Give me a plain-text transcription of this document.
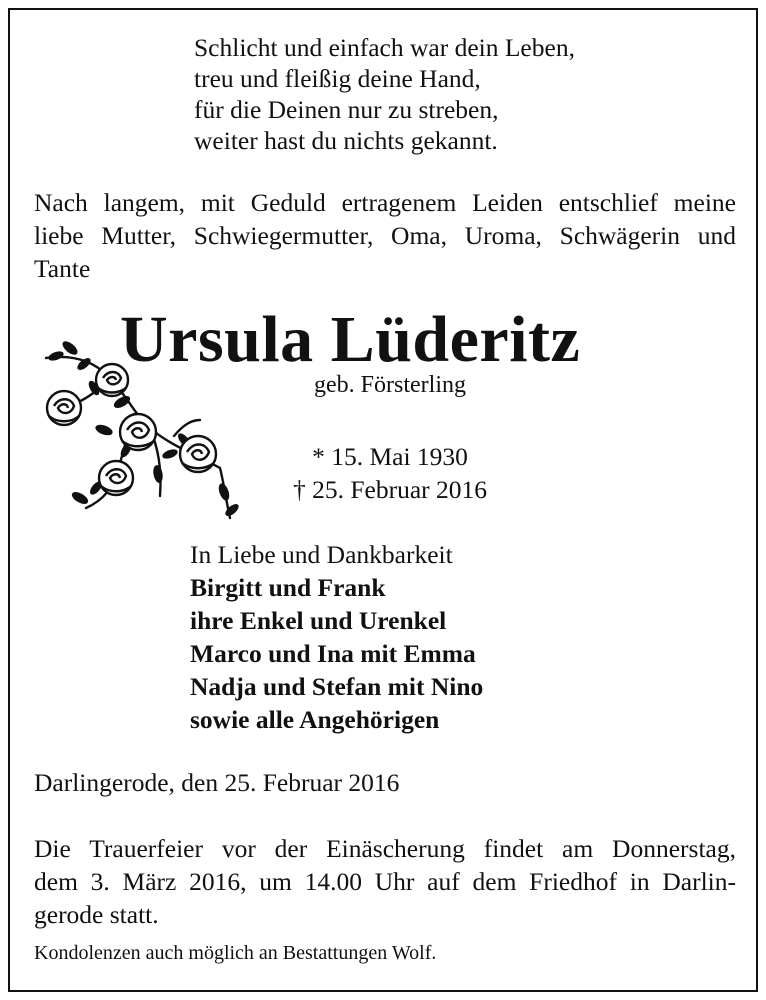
Schlicht und einfach war dein Leben,
treu und fleißig deine Hand,
für die Deinen nur zu streben,
weiter hast du nichts gekannt.
Nach langem, mit Geduld ertragenem Leiden entschlief meine
liebe Mutter, Schwiegermutter, Oma, Uroma, Schwägerin und
Tante
Ursula Lüderitz
geb. Försterling
* 15. Mai 1930
† 25. Februar 2016
In Liebe und Dankbarkeit
Birgitt und Frank
ihre Enkel und Urenkel
Marco und Ina mit Emma
Nadja und Stefan mit Nino
sowie alle Angehörigen
Darlingerode, den 25. Februar 2016
Die Trauerfeier vor der Einäscherung findet am Donnerstag,
dem 3. März 2016, um 14.00 Uhr auf dem Friedhof in Darlin-
gerode statt.
Kondolenzen auch möglich an Bestattungen Wolf.
